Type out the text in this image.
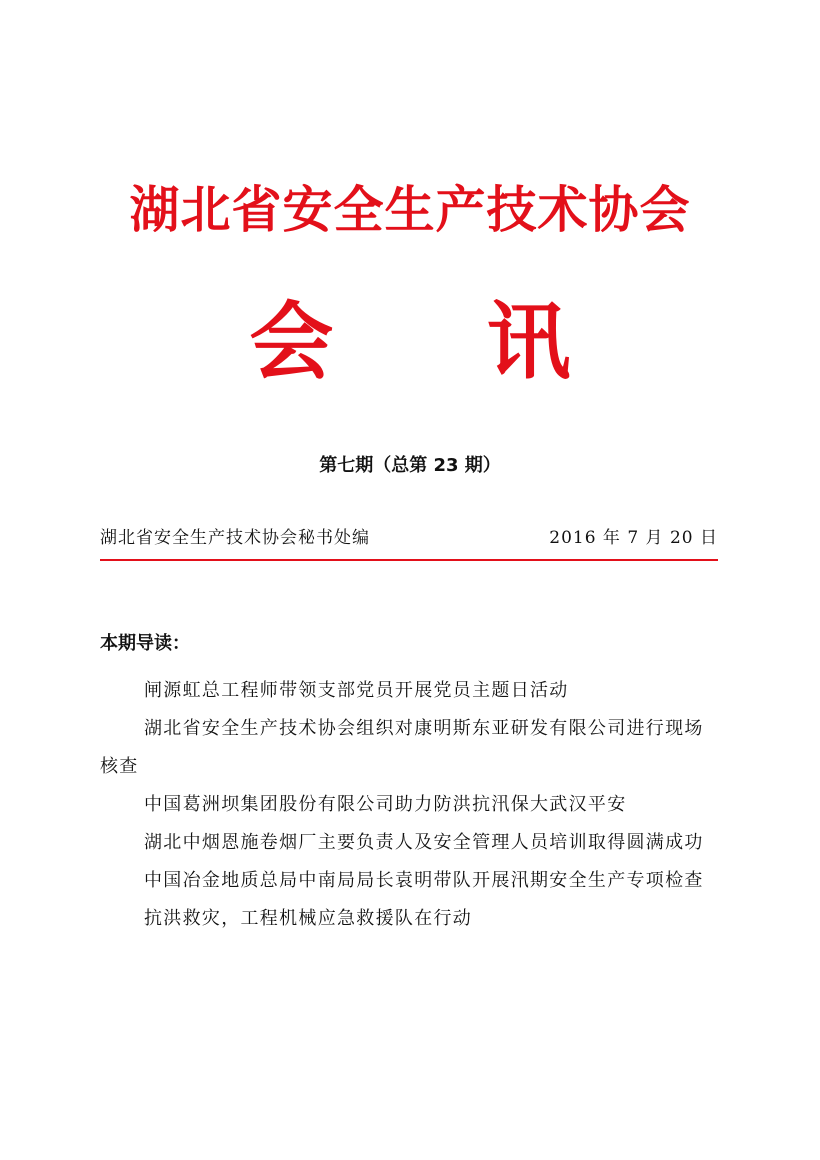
湖北省安全生产技术协会
会 讯
第七期（总第 23 期）
湖北省安全生产技术协会秘书处编	2016 年 7 月 20 日
本期导读：
闸源虹总工程师带领支部党员开展党员主题日活动
湖北省安全生产技术协会组织对康明斯东亚研发有限公司进行现场核查
中国葛洲坝集团股份有限公司助力防洪抗汛保大武汉平安
湖北中烟恩施卷烟厂主要负责人及安全管理人员培训取得圆满成功
中国冶金地质总局中南局局长袁明带队开展汛期安全生产专项检查
抗洪救灾，工程机械应急救援队在行动
